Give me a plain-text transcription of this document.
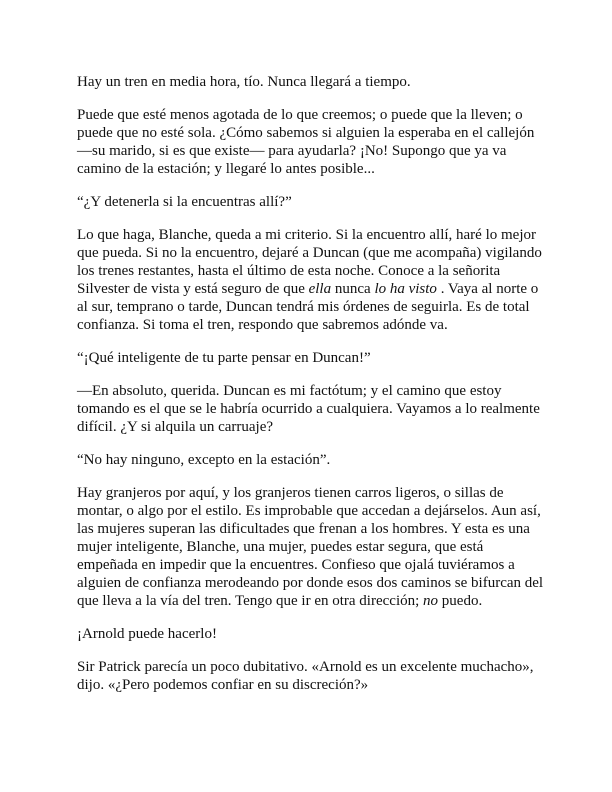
Hay un tren en media hora, tío. Nunca llegará a tiempo.

Puede que esté menos agotada de lo que creemos; o puede que la lleven; o puede que no esté sola. ¿Cómo sabemos si alguien la esperaba en el callejón —su marido, si es que existe— para ayudarla? ¡No! Supongo que ya va camino de la estación; y llegaré lo antes posible...

“¿Y detenerla si la encuentras allí?”

Lo que haga, Blanche, queda a mi criterio. Si la encuentro allí, haré lo mejor que pueda. Si no la encuentro, dejaré a Duncan (que me acompaña) vigilando los trenes restantes, hasta el último de esta noche. Conoce a la señorita Silvester de vista y está seguro de que ella nunca lo ha visto . Vaya al norte o al sur, temprano o tarde, Duncan tendrá mis órdenes de seguirla. Es de total confianza. Si toma el tren, respondo que sabremos adónde va.

“¡Qué inteligente de tu parte pensar en Duncan!”

—En absoluto, querida. Duncan es mi factótum; y el camino que estoy tomando es el que se le habría ocurrido a cualquiera. Vayamos a lo realmente difícil. ¿Y si alquila un carruaje?

“No hay ninguno, excepto en la estación”.

Hay granjeros por aquí, y los granjeros tienen carros ligeros, o sillas de montar, o algo por el estilo. Es improbable que accedan a dejárselos. Aun así, las mujeres superan las dificultades que frenan a los hombres. Y esta es una mujer inteligente, Blanche, una mujer, puedes estar segura, que está empeñada en impedir que la encuentres. Confieso que ojalá tuviéramos a alguien de confianza merodeando por donde esos dos caminos se bifurcan del que lleva a la vía del tren. Tengo que ir en otra dirección; no puedo.

¡Arnold puede hacerlo!

Sir Patrick parecía un poco dubitativo. «Arnold es un excelente muchacho», dijo. «¿Pero podemos confiar en su discreción?»
